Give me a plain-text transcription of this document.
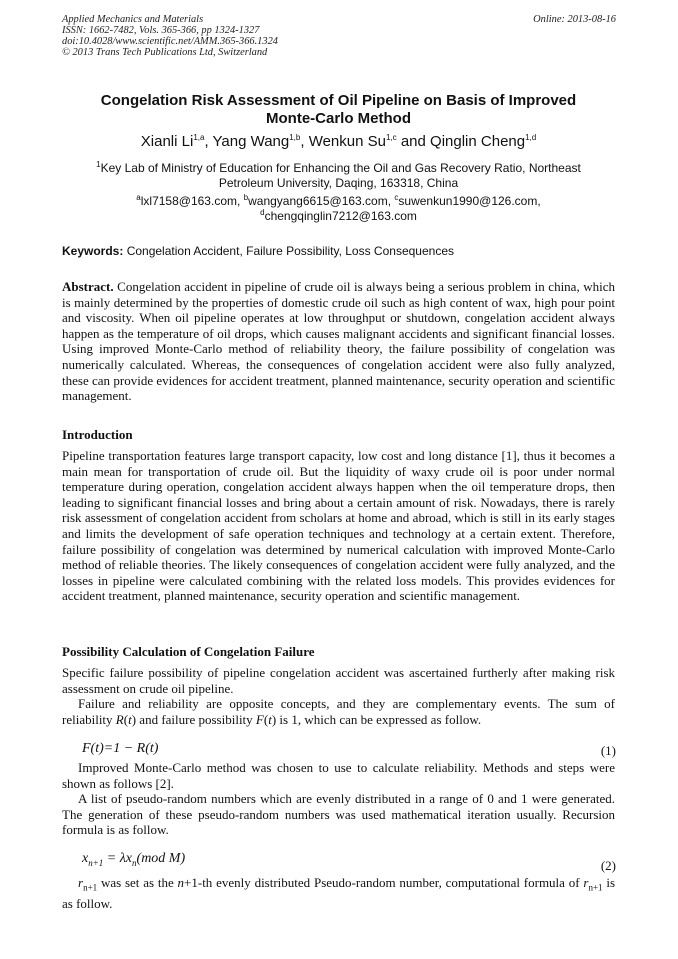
Applied Mechanics and Materials
ISSN: 1662-7482, Vols. 365-366, pp 1324-1327
doi:10.4028/www.scientific.net/AMM.365-366.1324
© 2013 Trans Tech Publications Ltd, Switzerland
Online: 2013-08-16
Congelation Risk Assessment of Oil Pipeline on Basis of Improved
Monte-Carlo Method
Xianli Li$^{1,a}$, Yang Wang$^{1,b}$, Wenkun Su$^{1,c}$ and Qinglin Cheng$^{1,d}$
$^1$Key Lab of Ministry of Education for Enhancing the Oil and Gas Recovery Ratio, Northeast
Petroleum University, Daqing, 163318, China
$^a$lxl7158@163.com, $^b$wangyang6615@163.com, $^c$suwenkun1990@126.com,
$^d$chengqinglin7212@163.com
Keywords: Congelation Accident, Failure Possibility, Loss Consequences
Abstract. Congelation accident in pipeline of crude oil is always being a serious problem in china, which is mainly determined by the properties of domestic crude oil such as high content of wax, high pour point and viscosity. When oil pipeline operates at low throughput or shutdown, congelation accident always happen as the temperature of oil drops, which causes malignant accidents and significant financial losses. Using improved Monte-Carlo method of reliability theory, the failure possibility of congelation was numerically calculated. Whereas, the consequences of congelation accident were also fully analyzed, these can provide evidences for accident treatment, planned maintenance, security operation and scientific management.
Introduction
Pipeline transportation features large transport capacity, low cost and long distance [1], thus it becomes a main mean for transportation of crude oil. But the liquidity of waxy crude oil is poor under normal temperature during operation, congelation accident always happen when the oil temperature drops, then leading to significant financial losses and bring about a certain amount of risk. Nowadays, there is rarely risk assessment of congelation accident from scholars at home and abroad, which is still in its early stages and limits the development of safe operation techniques and technology at a certain extent. Therefore, failure possibility of congelation was determined by numerical calculation with improved Monte-Carlo method of reliable theories. The likely consequences of congelation accident were fully analyzed, and the losses in pipeline were calculated combining with the related loss models. This provides evidences for accident treatment, planned maintenance, security operation and scientific management.
Possibility Calculation of Congelation Failure
Specific failure possibility of pipeline congelation accident was ascertained furtherly after making risk assessment on crude oil pipeline.
Failure and reliability are opposite concepts, and they are complementary events. The sum of reliability R(t) and failure possibility F(t) is 1, which can be expressed as follow.
F(t)=1 − R(t)	(1)
Improved Monte-Carlo method was chosen to use to calculate reliability. Methods and steps were shown as follows [2].
A list of pseudo-random numbers which are evenly distributed in a range of 0 and 1 were generated. The generation of these pseudo-random numbers was used mathematical iteration usually. Recursion formula is as follow.
$x_{n+1} = \lambda x_n(mod$ M)	(2)
$r_{n+1}$ was set as the n+1-th evenly distributed Pseudo-random number, computational formula of $r_{n+1}$ is as follow.
